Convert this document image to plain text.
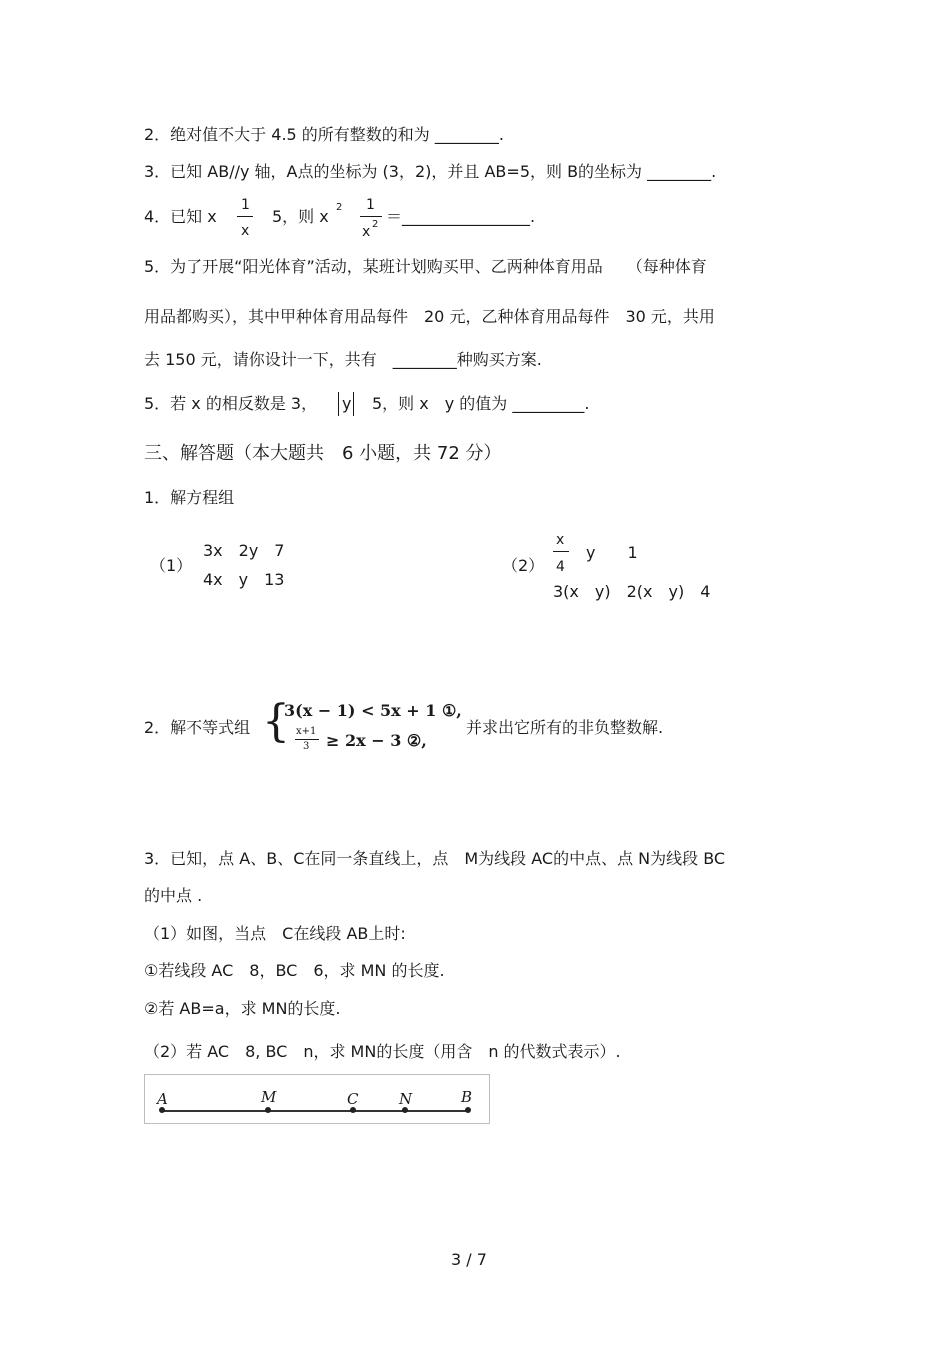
2．绝对值不大于 4.5 的所有整数的和为 ________.
3．已知 AB//y 轴，A点的坐标为 (3，2)，并且 AB=5，则 B的坐标为 ________.
4．已知 x
1
x
5，则 x 2 1
x 2 ＝________________.
5．为了开展“阳光体育”活动，某班计划购买甲、乙两种体育用品　　（每种体育
用品都购买），其中甲种体育用品每件　20 元，乙种体育用品每件　30 元，共用
去 150 元，请你设计一下，共有　________种购买方案.
5．若 x 的相反数是 3， y 5，则 x　y 的值为 _________.
三、解答题（本大题共　6 小题，共 72 分）
1．解方程组
（1）
3x　2y　7
4x　y　13
（2）
x
4
y　　1
3(x　y)　2(x　y)　4
2．解不等式组 {
3(x − 1) < 5x + 1 ①,
x+1
3 ≥ 2x − 3 ②,
并求出它所有的非负整数解.
3．已知，点 A、B、C在同一条直线上，点　M为线段 AC的中点、点 N为线段 BC
的中点 .
（1）如图，当点　C在线段 AB上时:
①若线段 AC　8，BC　6，求 MN 的长度.
②若 AB=a，求 MN的长度.
（2）若 AC　8, BC　n，求 MN的长度（用含　n 的代数式表示）.
A	M	C	N	B
3 / 7
